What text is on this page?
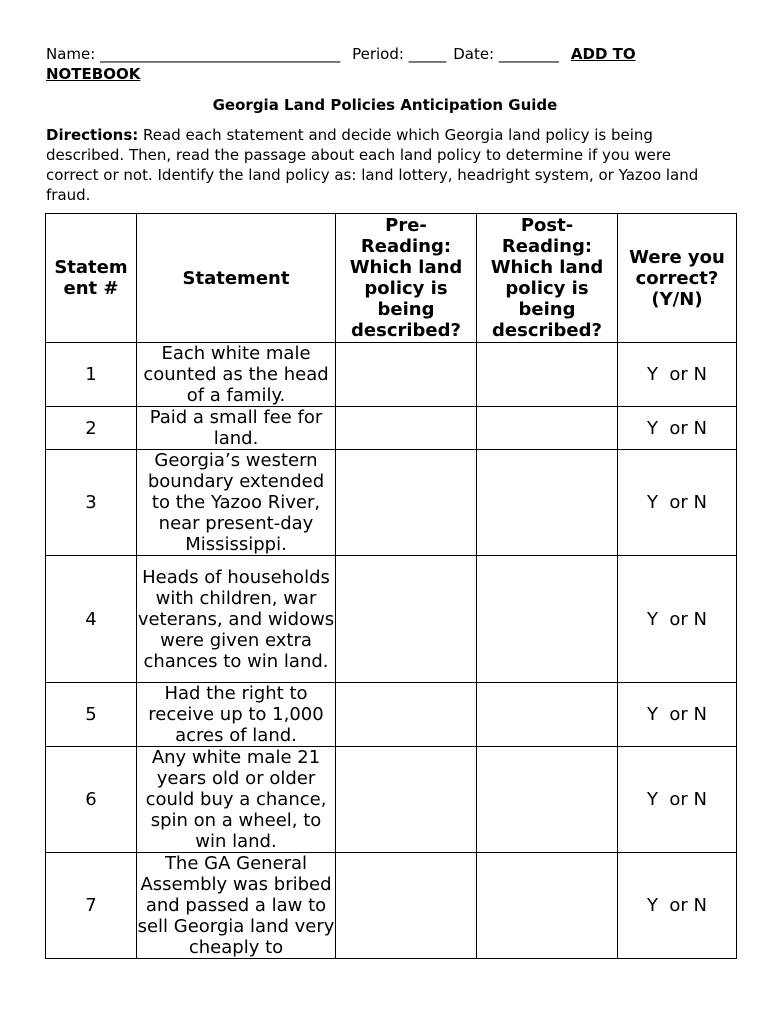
Name: ________________________________ Period: _____ Date: ________ ADD TO
NOTEBOOK
Georgia Land Policies Anticipation Guide
Directions: Read each statement and decide which Georgia land policy is being described. Then, read the passage about each land policy to determine if you were correct or not. Identify the land policy as: land lottery, headright system, or Yazoo land fraud.
Statem ent #	Statement	Pre-Reading: Which land policy is being described?	Post-Reading: Which land policy is being described?	Were you correct? (Y/N)
1	Each white male counted as the head of a family.			Y  or N
2	Paid a small fee for land.			Y  or N
3	Georgia’s western boundary extended to the Yazoo River, near present-day Mississippi.			Y  or N
4	Heads of households with children, war veterans, and widows were given extra chances to win land.			Y  or N
5	Had the right to receive up to 1,000 acres of land.			Y  or N
6	Any white male 21 years old or older could buy a chance, spin on a wheel, to win land.			Y  or N
7	The GA General Assembly was bribed and passed a law to sell Georgia land very cheaply to			Y  or N
